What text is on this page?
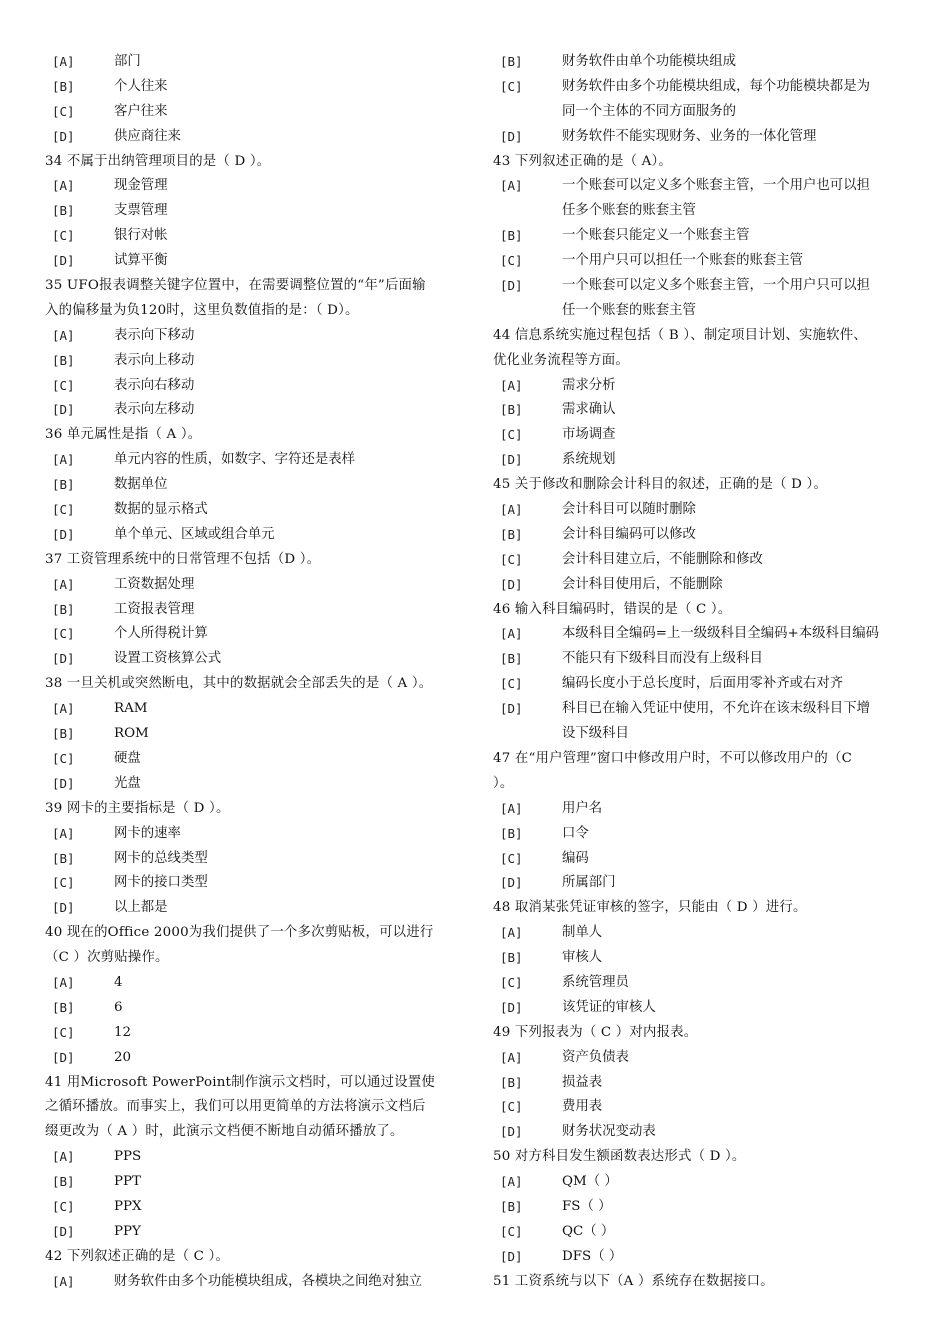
[A]	部门
[B]	个人往来
[C]	客户往来
[D]	供应商往来
34 不属于出纳管理项目的是（ D ）。
[A]	现金管理
[B]	支票管理
[C]	银行对帐
[D]	试算平衡
35 UFO报表调整关键字位置中，在需要调整位置的“年”后面输
入的偏移量为负120时，这里负数值指的是：（ D）。
[A]	表示向下移动
[B]	表示向上移动
[C]	表示向右移动
[D]	表示向左移动
36 单元属性是指（ A ）。
[A]	单元内容的性质，如数字、字符还是表样
[B]	数据单位
[C]	数据的显示格式
[D]	单个单元、区域或组合单元
37 工资管理系统中的日常管理不包括（D ）。
[A]	工资数据处理
[B]	工资报表管理
[C]	个人所得税计算
[D]	设置工资核算公式
38 一旦关机或突然断电，其中的数据就会全部丢失的是（ A ）。
[A]	RAM
[B]	ROM
[C]	硬盘
[D]	光盘
39 网卡的主要指标是（ D ）。
[A]	网卡的速率
[B]	网卡的总线类型
[C]	网卡的接口类型
[D]	以上都是
40 现在的Office 2000为我们提供了一个多次剪贴板，可以进行
（C ）次剪贴操作。
[A]	4
[B]	6
[C]	12
[D]	20
41 用Microsoft PowerPoint制作演示文档时，可以通过设置使
之循环播放。而事实上，我们可以用更简单的方法将演示文档后
缀更改为（ A ）时，此演示文档便不断地自动循环播放了。
[A]	PPS
[B]	PPT
[C]	PPX
[D]	PPY
42 下列叙述正确的是（ C ）。
[A]	财务软件由多个功能模块组成，各模块之间绝对独立
[B]	财务软件由单个功能模块组成
[C]	财务软件由多个功能模块组成，每个功能模块都是为
同一个主体的不同方面服务的
[D]	财务软件不能实现财务、业务的一体化管理
43 下列叙述正确的是（ A）。
[A]	一个账套可以定义多个账套主管，一个用户也可以担
任多个账套的账套主管
[B]	一个账套只能定义一个账套主管
[C]	一个用户只可以担任一个账套的账套主管
[D]	一个账套可以定义多个账套主管，一个用户只可以担
任一个账套的账套主管
44 信息系统实施过程包括（ B ）、制定项目计划、实施软件、
优化业务流程等方面。
[A]	需求分析
[B]	需求确认
[C]	市场调查
[D]	系统规划
45 关于修改和删除会计科目的叙述，正确的是（ D ）。
[A]	会计科目可以随时删除
[B]	会计科目编码可以修改
[C]	会计科目建立后，不能删除和修改
[D]	会计科目使用后，不能删除
46 输入科目编码时，错误的是（ C ）。
[A]	本级科目全编码=上一级级科目全编码+本级科目编码
[B]	不能只有下级科目而没有上级科目
[C]	编码长度小于总长度时，后面用零补齐或右对齐
[D]	科目已在输入凭证中使用，不允许在该末级科目下增
设下级科目
47 在“用户管理”窗口中修改用户时，不可以修改用户的（C
）。
[A]	用户名
[B]	口令
[C]	编码
[D]	所属部门
48 取消某张凭证审核的签字，只能由（ D ）进行。
[A]	制单人
[B]	审核人
[C]	系统管理员
[D]	该凭证的审核人
49 下列报表为（ C ）对内报表。
[A]	资产负债表
[B]	损益表
[C]	费用表
[D]	财务状况变动表
50 对方科目发生额函数表达形式（ D ）。
[A]	QM（ ）
[B]	FS（ ）
[C]	QC（ ）
[D]	DFS（ ）
51 工资系统与以下（A ）系统存在数据接口。
